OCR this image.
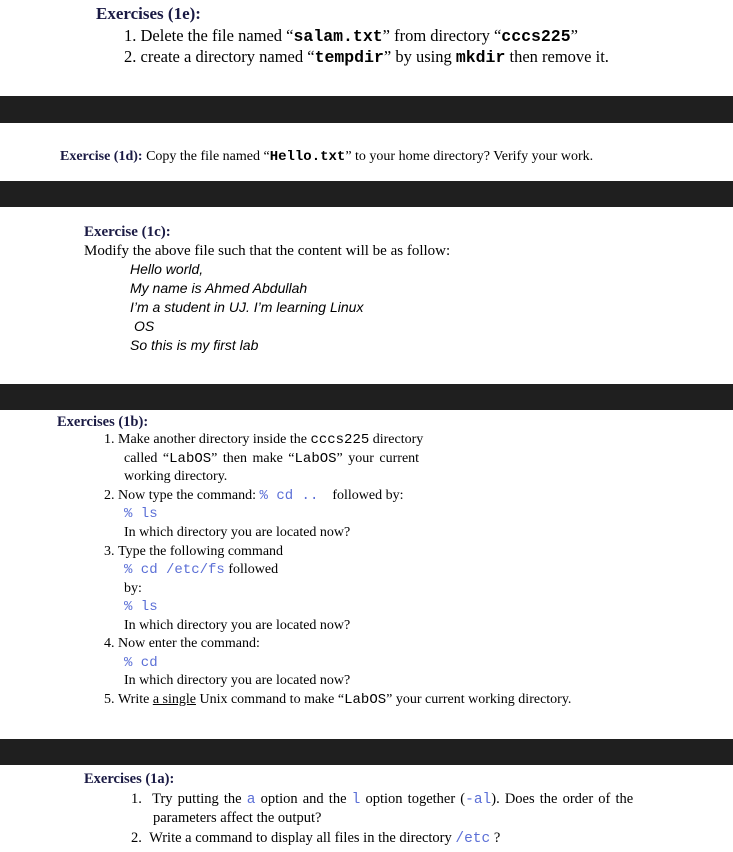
Exercises (1e):
1. Delete the file named “salam.txt” from directory “cccs225”
2. create a directory named “tempdir” by using mkdir then remove it.
Exercise (1d): Copy the file named “Hello.txt” to your home directory? Verify your work.
Exercise (1c):
Modify the above file such that the content will be as follow:
Hello world,
My name is Ahmed Abdullah
I’m a student in UJ. I’m learning Linux
OS
So this is my first lab
Exercises (1b):
1. Make another directory inside the cccs225 directory
called “LabOS” then make “LabOS” your current
working directory.
2. Now type the command: % cd ..    followed by:
% ls
In which directory you are located now?
3. Type the following command
% cd /etc/fs followed
by:
% ls
In which directory you are located now?
4. Now enter the command:
% cd
In which directory you are located now?
5. Write a single Unix command to make “LabOS” your current working directory.
Exercises (1a):
1. Try putting the a option and the l option together (-al). Does the order of the
parameters affect the output?
2. Write a command to display all files in the directory /etc ?
